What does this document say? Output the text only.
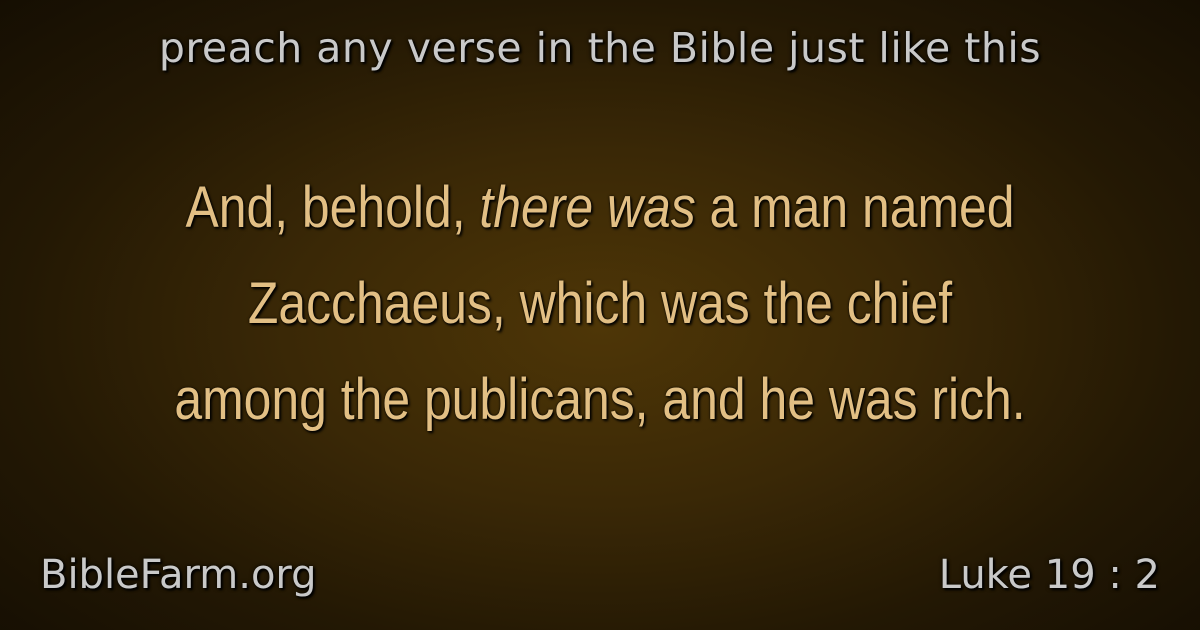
preach any verse in the Bible just like this
And, behold, there was a man named
Zacchaeus, which was the chief
among the publicans, and he was rich.
BibleFarm.org	Luke 19 : 2
